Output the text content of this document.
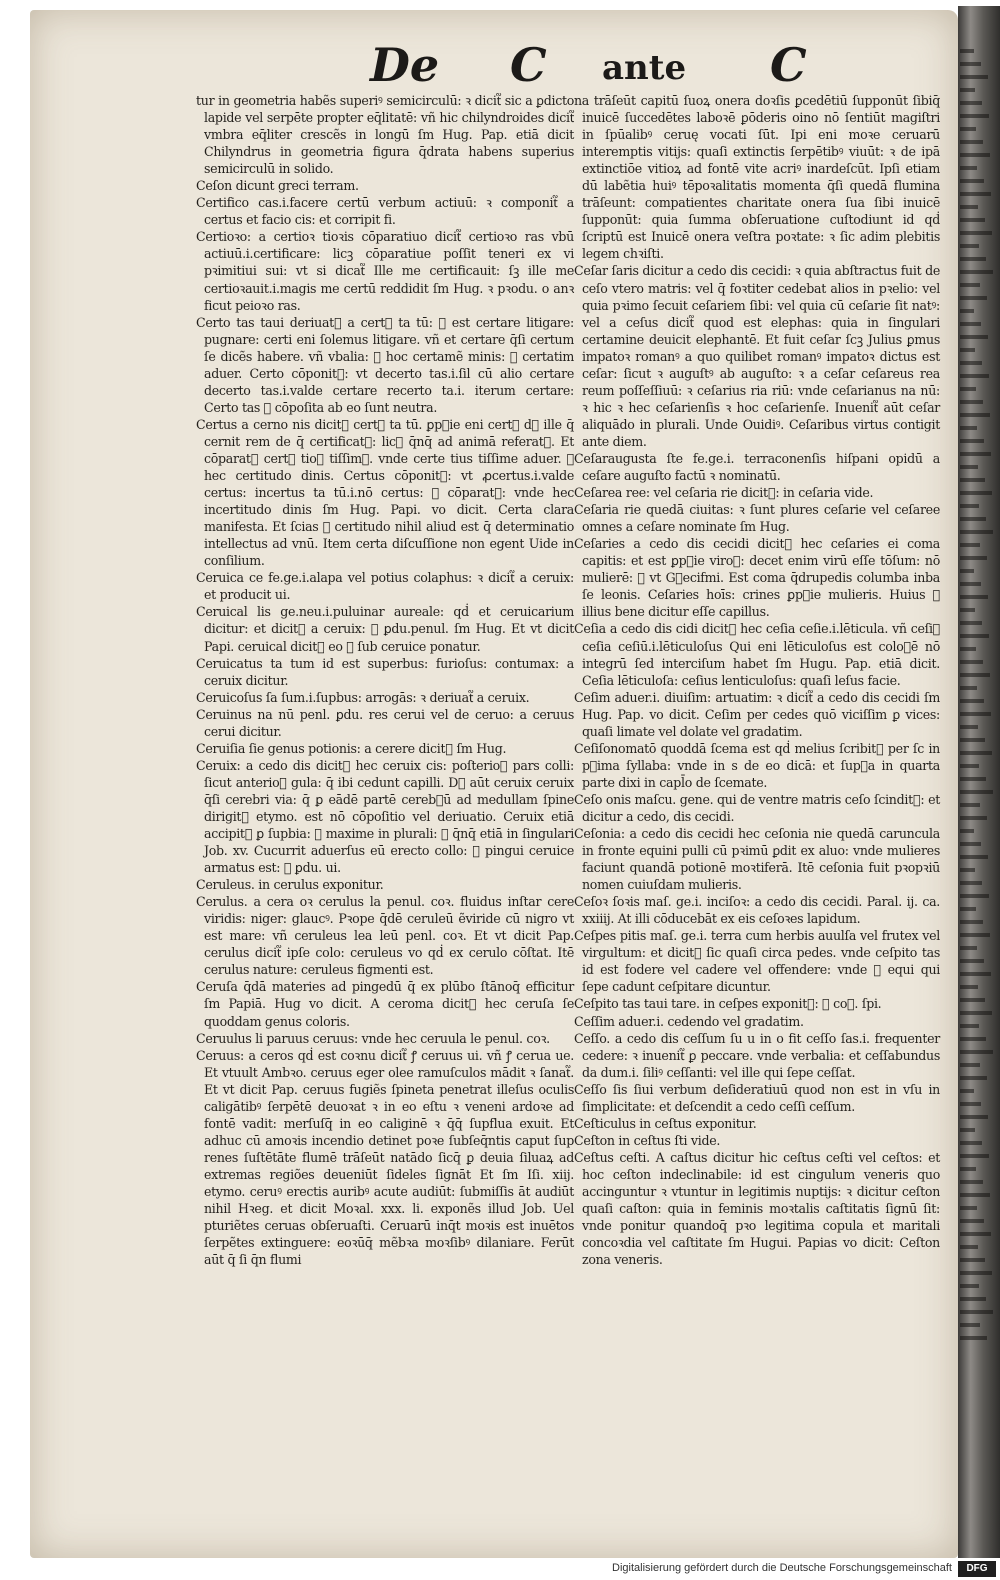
De C ante C

tur in geometria habẽs superiꝰ semicirculū: ꝛ dicit᷑ sic a ꝑdicto lapide vel serpēte propter eq̄litatē: vñ hic chilyndroides dicit᷑ vmbra eq̄liter crescẽs in longū ſm Hug. Pap. etiā dicit Chilyndrus in geometria figura q̄drata habens superius semicirculū in solido.

Ceſon dicunt greci terram.

Certifico cas.i.facere certū verbum actiuū: ꝛ componit᷑ a certus et facio cis: et corripit fi.

Certioꝛo: a certioꝛ tioꝛis cōparatiuo dicit᷑ certioꝛo ras vbū actiuū.i.certificare: licꝫ cōparatiue poſſit teneri ex vi pꝛimitiui sui: vt si dicat᷑ Ille me certificauit: ſꝫ ille me certioꝛauit.i.magis me certū reddidit ſm Hug. ꝛ pꝛodu. o anꝛ ficut peioꝛo ras.

Certo tas taui deriuat᷑ a certꝰ ta tū: ꝛ est certare litigare: pugnare: certi eni ſolemus litigare. vñ et certare q̄ſi certum ſe dicẽs habere. vñ vbalia: ꝛ hoc certamẽ minis: ꝛ certatim aduer. Certo cōponit᷑: vt decerto tas.i.ſil cū alio certare decerto tas.i.valde certare recerto ta.i. iterum certare: Certo tas ꝛ cōpoſita ab eo ſunt neutra.

Certus a cerno nis dicit᷑ certꝰ ta tū. ꝑpꝛie eni certꝰ dꝛ ille q̄ cernit rem de q̄ certificat᷑: licꝫ q̄nq̄ ad animā referat᷑. Et cōparat᷑ certꝰ tioꝛ tiſſimꝰ. vnde certe tius tiſſime aduer. ꝛ hec certitudo dinis. Certus cōponit᷑: vt ꝓcertus.i.valde certus: incertus ta tū.i.nō certus: ꝛ cōparat᷑: vnde hec incertitudo dinis ſm Hug. Papi. vo dicit. Certa clara manifesta. Et ſcias ꝙ certitudo nihil aliud est q̄ determinatio intellectus ad vnū. Item certa diſcuſſione non egent Uide in conſilium.

Ceruica ce fe.ge.i.alapa vel potius colaphus: ꝛ dicit᷑ a ceruix: et producit ui.

Ceruical lis ge.neu.i.puluinar aureale: qḋ et ceruicarium dicitur: et dicit᷑ a ceruix: ꝛ ꝑdu.penul. ſm Hug. Et vt dicit Papi. ceruical dicit᷑ eo ꝙ ſub ceruice ponatur.

Ceruicatus ta tum id est superbus: furioſus: contumax: a ceruix dicitur.

Ceruicoſus ſa ſum.i.ſupbus: arrogās: ꝛ deriuat᷑ a ceruix.

Ceruinus na nū penl. ꝑdu. res cerui vel de ceruo: a ceruus cerui dicitur.

Ceruiſia ſie genus potionis: a cerere dicit᷑ ſm Hug.

Ceruix: a cedo dis dicit᷑ hec ceruix cis: poſterioꝛ pars colli: ſicut anterioꝛ gula: q̄ ibi cedunt capilli. Dꝛ aūt ceruix ceruix q̄ſi cerebri via: q̄ ꝑ eādē partē cerebꝛū ad medullam ſpine dirigit᷑ etymo. est nō cōpoſitio vel deriuatio. Ceruix etiā accipit᷑ ꝑ ſupbia: ꝛ maxime in plurali: ꝛ q̄nq̄ etiā in ſingulari Job. xv. Cucurrit aduerſus eū erecto collo: ꝛ pingui ceruice armatus est: ꝛ ꝑdu. ui.

Ceruleus. in cerulus exponitur.

Cerulus. a cera oꝛ cerulus la penul. coꝛ. fluidus inſtar cere viridis: niger: glaucꝰ. Pꝛope q̄dē ceruleū ẽviride cū nigro vt est mare: vñ ceruleus lea leū penl. coꝛ. Et vt dicit Pap. cerulus dicit᷑ ipſe colo: ceruleus vo qḋ ex cerulo cōſtat. Itē cerulus nature: ceruleus figmenti est.

Ceruſa q̄dā materies ad pingedū q̄ ex plūbo ſtānoq̄ efficitur ſm Papiā. Hug vo dicit. A ceroma dicit᷑ hec ceruſa ſe quoddam genus coloris.

Ceruulus li paruus ceruus: vnde hec ceruula le penul. coꝛ.

Ceruus: a ceros qḋ est coꝛnu dicit᷑ ꝭ ceruus ui. vñ ꝭ cerua ue. Et vtuult Ambꝛo. ceruus eger olee ramuſculos mādit ꝛ ſanat᷑. Et vt dicit Pap. ceruus fugiẽs ſpineta penetrat illeſus oculis caligātibꝰ ſerpētē deuoꝛat ꝛ in eo eſtu ꝛ veneni ardoꝛe ad fontē vadit: merſuſq̄ in eo caliginē ꝛ q̄q̄ ſupflua exuit. Et adhuc cū amoꝛis incendio detinet poꝛe ſubſeq̄ntis caput ſup renes ſuſtētāte flumē trāſeūt natādo ſicq̄ ꝑ deuia ſiluaꝝ ad extremas regiões deueniūt ſideles ſignāt Et ſm Iſi. xiij. etymo. ceruꝰ erectis auribꝰ acute audiūt: ſubmiſſis āt audiūt nihil Hꝛeg. et dicit Moꝛal. xxx. li. exponẽs illud Job. Uel pturiẽtes ceruas obſeruaſti. Ceruarū inq̄t moꝛis est inuētos ſerpẽtes extinguere: eoꝛūq̄ mẽbꝛa moꝛſibꝰ dilaniare. Ferūt aūt q̄ ſi q̄n flumi

na trāſeūt capitū ſuoꝝ onera doꝛſis ꝑcedētiū ſupponūt ſibiq̄ inuicē ſuccedētes laboꝛē ꝑōderis oino nō ſentiūt magiſtri in ſpūalibꝰ ceruę vocati ſūt. Ipi eni moꝛe ceruarū interemptis vitijs: quaſi extinctis ſerpētibꝰ viuūt: ꝛ de ipā extinctiōe vitioꝝ ad fontē vite acriꝰ inardeſcūt. Ipſi etiam dū labẽtia huiꝰ tēpoꝛalitatis momenta q̄ſi quedā flumina trāſeunt: compatientes charitate onera ſua ſibi inuicē ſupponūt: quia ſumma obſeruatione cuſtodiunt id qḋ ſcriptū est Inuicē onera veſtra poꝛtate: ꝛ ſic adim plebitis legem chꝛiſti.

Ceſar ſaris dicitur a cedo dis cecidi: ꝛ quia abſtractus fuit de ceſo vtero matris: vel q̄ foꝛtiter cedebat alios in pꝛelio: vel quia pꝛimo ſecuit ceſariem ſibi: vel quia cū ceſarie ſit natꝰ: vel a ceſus dicit᷑ quod est elephas: quia in ſingulari certamine deuicit elephantē. Et fuit ceſar ſcꝫ Julius ꝑmus impatoꝛ romanꝰ a quo quilibet romanꝰ impatoꝛ dictus est ceſar: ſicut ꝛ auguſtꝰ ab auguſto: ꝛ a ceſar ceſareus rea reum poſſeſſiuū: ꝛ ceſarius ria riū: vnde ceſarianus na nū: ꝛ hic ꝛ hec ceſarienſis ꝛ hoc ceſarienſe. Inuenit᷑ aūt ceſar aliquādo in plurali. Unde Ouidiꝰ. Ceſaribus virtus contigit ante diem.

Ceſaraugusta ſte fe.ge.i. terraconenſis hiſpani opidū a ceſare auguſto factū ꝛ nominatū.

Ceſarea ree: vel ceſaria rie dicit᷑: in ceſaria vide.

Ceſaria rie quedā ciuitas: ꝛ ſunt plures ceſarie vel ceſaree omnes a ceſare nominate ſm Hug.

Ceſaries a cedo dis cecidi dicit᷑ hec ceſaries ei coma capitis: et est ꝑpꝛie viroꝝ: decet enim virū eſſe tōſum: nō mulierē: ꝛ vt Gꝛecifmi. Est coma q̄drupedis columba inba ſe leonis. Ceſaries hoīs: crines ꝑpꝛie mulieris. Huius ꝛ illius bene dicitur eſſe capillus.

Ceſia a cedo dis cidi dicit᷑ hec ceſia ceſie.i.lēticula. vñ ceſiꝰ ceſia ceſiū.i.lēticuloſus Qui eni lēticuloſus est coloꝛē nō integrū ſed interciſum habet ſm Hugu. Pap. etiā dicit. Ceſia lēticuloſa: ceſius lenticuloſus: quaſi leſus facie.

Ceſim aduer.i. diuiſim: artuatim: ꝛ dicit᷑ a cedo dis cecidi ſm Hug. Pap. vo dicit. Ceſim per cedes quō viciſſim ꝑ vices: quaſi limate vel dolate vel gradatim.

Ceſiſonomatō quoddā ſcema est qḋ melius ſcribit᷑ per ſc in pꝛima ſyllaba: vnde in s de eo dicā: et ſupꝛa in quarta parte dixi in capl̄o de ſcemate.

Ceſo onis maſcu. gene. qui de ventre matris ceſo ſcindit᷑: et dicitur a cedo, dis cecidi.

Ceſonia: a cedo dis cecidi hec ceſonia nie quedā caruncula in fronte equini pulli cū pꝛimū ꝑdit ex aluo: vnde mulieres faciunt quandā potionē moꝛtiferā. Itē ceſonia fuit pꝛopꝛiū nomen cuiuſdam mulieris.

Ceſoꝛ ſoꝛis maſ. ge.i. inciſoꝛ: a cedo dis cecidi. Paral. ij. ca. xxiiij. At illi cōducebāt ex eis ceſoꝛes lapidum.

Ceſpes pitis maſ. ge.i. terra cum herbis auulſa vel frutex vel virgultum: et dicit᷑ ſic quaſi circa pedes. vnde ceſpito tas id est fodere vel cadere vel offendere: vnde ꝛ equi qui ſepe cadunt ceſpitare dicuntur.

Ceſpito tas taui tare. in ceſpes exponit᷑: ꝛ coꝛ. ſpi.

Ceſſim aduer.i. cedendo vel gradatim.

Ceſſo. a cedo dis ceſſum ſu u in o fit ceſſo ſas.i. frequenter cedere: ꝛ inuenit᷑ ꝑ peccare. vnde verbalia: et ceſſabundus da dum.i. ſiliꝰ ceſſanti: vel ille qui ſepe ceſſat.

Ceſſo ſis ſiui verbum deſideratiuū quod non est in vſu in ſimplicitate: et deſcendit a cedo ceſſi ceſſum.

Ceſticulus in ceſtus exponitur.

Ceſton in ceſtus ſti vide.

Ceſtus ceſti. A caſtus dicitur hic ceſtus ceſti vel ceſtos: et hoc ceſton indeclinabile: id est cingulum veneris quo accinguntur ꝛ vtuntur in legitimis nuptijs: ꝛ dicitur ceſton quaſi caſton: quia in feminis moꝛtalis caſtitatis ſignū ſit: vnde ponitur quandoq̄ pꝛo legitima copula et maritali concoꝛdia vel caſtitate ſm Hugui. Papias vo dicit: Ceſton zona veneris.

Digitalisierung gefördert durch die Deutsche Forschungsgemeinschaft	DFG
